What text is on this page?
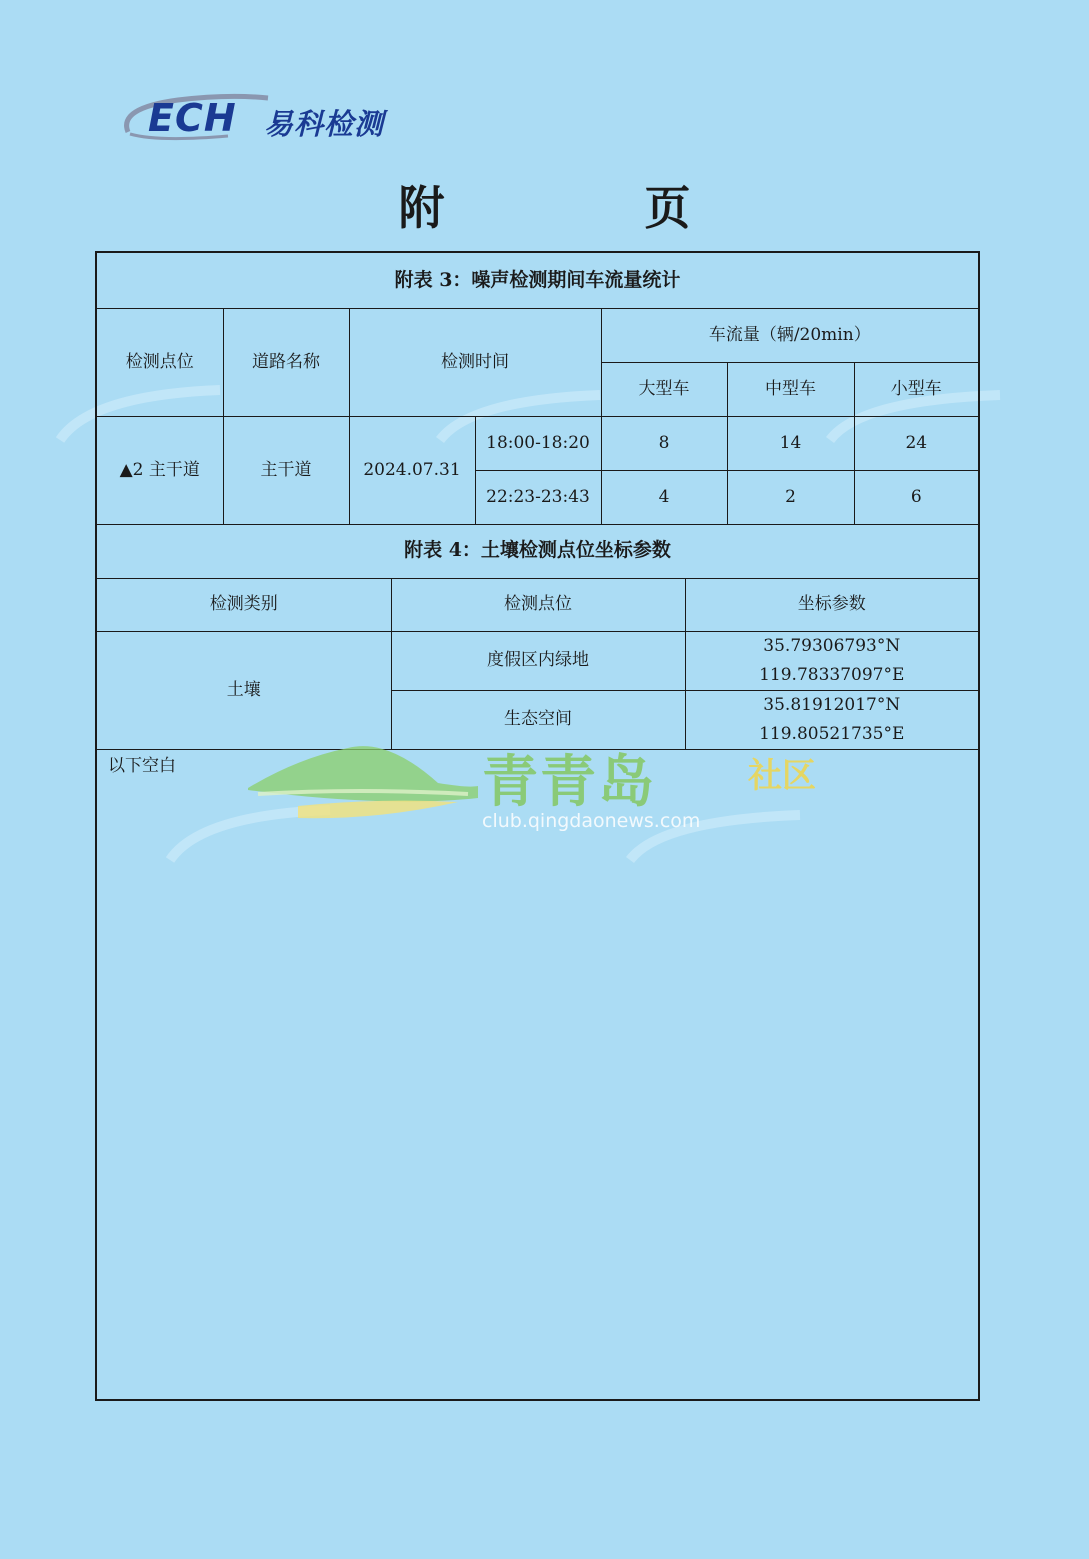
ECH 易科检测
附 页
附表 3：噪声检测期间车流量统计						
检测点位	道路名称	检测时间		车流量（辆/20min）		
				大型车	中型车	小型车
▲2 主干道	主干道	2024.07.31	18:00-18:20	8	14	24
			22:23-23:43	4	2	6
附表 4：土壤检测点位坐标参数		
检测类别	检测点位	坐标参数
土壤	度假区内绿地	35.79306793°N
119.78337097°E

	生态空间	35.81912017°N
119.80521735°E
以下空白	青青岛	社区
club.qingdaonews.com
